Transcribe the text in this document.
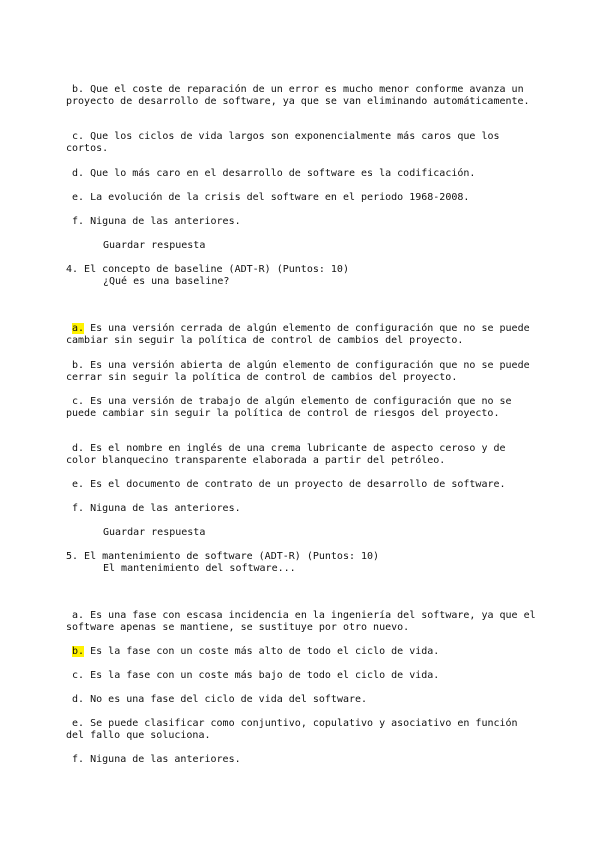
b. Que el coste de reparación de un error es mucho menor conforme avanza un proyecto de desarrollo de software, ya que se van eliminando automáticamente.
c. Que los ciclos de vida largos son exponencialmente más caros que los cortos.
d. Que lo más caro en el desarrollo de software es la codificación.
e. La evolución de la crisis del software en el periodo 1968-2008.
f. Niguna de las anteriores.
Guardar respuesta
4. El concepto de baseline (ADT-R) (Puntos: 10)
¿Qué es una baseline?
a. Es una versión cerrada de algún elemento de configuración que no se puede cambiar sin seguir la política de control de cambios del proyecto.
b. Es una versión abierta de algún elemento de configuración que no se puede cerrar sin seguir la política de control de cambios del proyecto.
c. Es una versión de trabajo de algún elemento de configuración que no se puede cambiar sin seguir la política de control de riesgos del proyecto.
d. Es el nombre en inglés de una crema lubricante de aspecto ceroso y de color blanquecino transparente elaborada a partir del petróleo.
e. Es el documento de contrato de un proyecto de desarrollo de software.
f. Niguna de las anteriores.
Guardar respuesta
5. El mantenimiento de software (ADT-R) (Puntos: 10)
El mantenimiento del software...
a. Es una fase con escasa incidencia en la ingeniería del software, ya que el software apenas se mantiene, se sustituye por otro nuevo.
b. Es la fase con un coste más alto de todo el ciclo de vida.
c. Es la fase con un coste más bajo de todo el ciclo de vida.
d. No es una fase del ciclo de vida del software.
e. Se puede clasificar como conjuntivo, copulativo y asociativo en función del fallo que soluciona.
f. Niguna de las anteriores.
